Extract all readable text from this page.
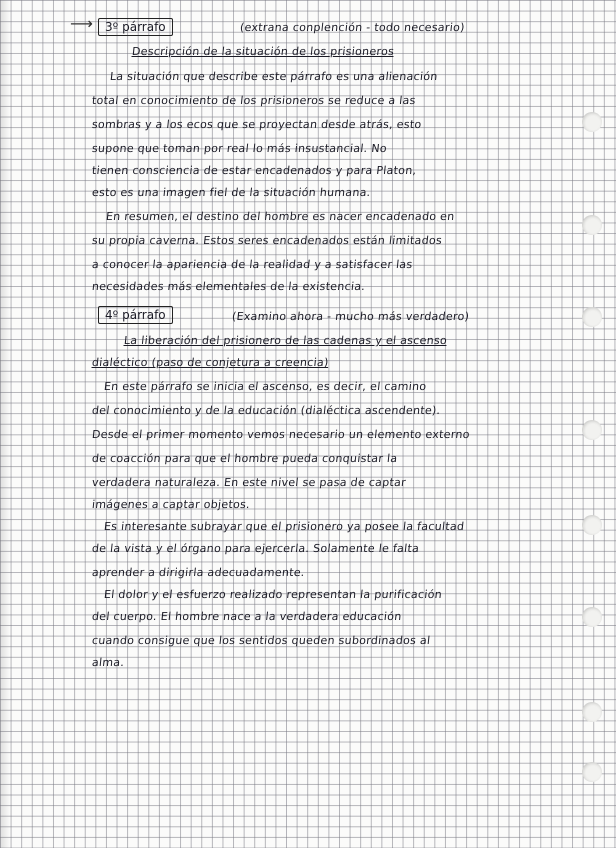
⟶	3º párrafo	(extrana conplención - todo necesario)
Descripción de la situación de los prisioneros
La situación que describe este párrafo es una alienación
total en conocimiento de los prisioneros se reduce a las
sombras y a los ecos que se proyectan desde atrás, esto
supone que toman por real lo más insustancial. No
tienen consciencia de estar encadenados y para Platon,
esto es una imagen fiel de la situación humana.
En resumen, el destino del hombre es nacer encadenado en
su propia caverna. Estos seres encadenados están limitados
a conocer la apariencia de la realidad y a satisfacer las
necesidades más elementales de la existencia.
4º párrafo	(Examino ahora - mucho más verdadero)
La liberación del prisionero de las cadenas y el ascenso
dialéctico (paso de conjetura a creencia)
En este párrafo se inicia el ascenso, es decir, el camino
del conocimiento y de la educación (dialéctica ascendente).
Desde el primer momento vemos necesario un elemento externo
de coacción para que el hombre pueda conquistar la
verdadera naturaleza. En este nivel se pasa de captar
imágenes a captar objetos.
Es interesante subrayar que el prisionero ya posee la facultad
de la vista y el órgano para ejercerla. Solamente le falta
aprender a dirigirla adecuadamente.
El dolor y el esfuerzo realizado representan la purificación
del cuerpo. El hombre nace a la verdadera educación
cuando consigue que los sentidos queden subordinados al
alma.
